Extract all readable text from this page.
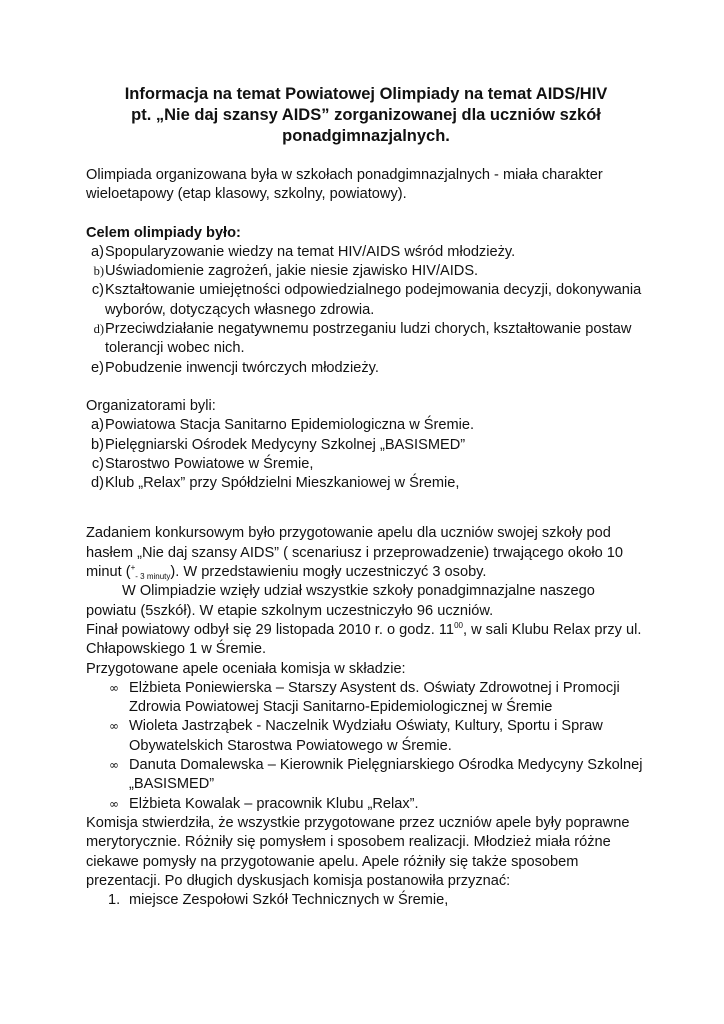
Informacja na temat Powiatowej Olimpiady na temat AIDS/HIV
pt. „Nie daj szansy AIDS” zorganizowanej dla uczniów szkół
ponadgimnazjalnych.

Olimpiada organizowana była w szkołach ponadgimnazjalnych - miała charakter wieloetapowy (etap klasowy, szkolny, powiatowy).

Celem olimpiady było:

a) Spopularyzowanie wiedzy na temat HIV/AIDS wśród młodzieży.
b) Uświadomienie zagrożeń, jakie niesie zjawisko HIV/AIDS.
c) Kształtowanie umiejętności odpowiedzialnego podejmowania decyzji, dokonywania wyborów, dotyczących własnego zdrowia.
d) Przeciwdziałanie negatywnemu postrzeganiu ludzi chorych, kształtowanie postaw tolerancji wobec nich.
e) Pobudzenie inwencji twórczych młodzieży.

Organizatorami byli:

a) Powiatowa Stacja Sanitarno Epidemiologiczna w Śremie.
b) Pielęgniarski Ośrodek Medycyny Szkolnej „BASISMED”
c) Starostwo Powiatowe w Śremie,
d) Klub „Relax” przy Spółdzielni Mieszkaniowej w Śremie,

Zadaniem konkursowym było przygotowanie apelu dla uczniów swojej szkoły pod hasłem „Nie daj szansy AIDS” ( scenariusz i przeprowadzenie) trwającego około 10 minut $(^+_{- 3 minuty})$. W przedstawieniu mogły uczestniczyć 3 osoby.

W Olimpiadzie wzięły udział wszystkie szkoły ponadgimnazjalne naszego powiatu (5szkół). W etapie szkolnym uczestniczyło 96 uczniów.

Finał powiatowy odbył się 29 listopada 2010 r. o godz. $11^{00}$, w sali Klubu Relax przy ul. Chłapowskiego 1 w Śremie.

Przygotowane apele oceniała komisja w składzie:

∞ Elżbieta Poniewierska – Starszy Asystent ds. Oświaty Zdrowotnej i Promocji Zdrowia Powiatowej Stacji Sanitarno-Epidemiologicznej w Śremie
∞ Wioleta Jastrząbek - Naczelnik Wydziału Oświaty, Kultury, Sportu i Spraw Obywatelskich Starostwa Powiatowego w Śremie.
∞ Danuta Domalewska – Kierownik Pielęgniarskiego Ośrodka Medycyny Szkolnej „BASISMED”
∞ Elżbieta Kowalak – pracownik Klubu „Relax”.

Komisja stwierdziła, że wszystkie przygotowane przez uczniów apele były poprawne merytorycznie. Różniły się pomysłem i sposobem realizacji. Młodzież miała różne ciekawe pomysły na przygotowanie apelu. Apele różniły się także sposobem prezentacji. Po długich dyskusjach komisja postanowiła przyznać:

1. miejsce Zespołowi Szkół Technicznych w Śremie,
